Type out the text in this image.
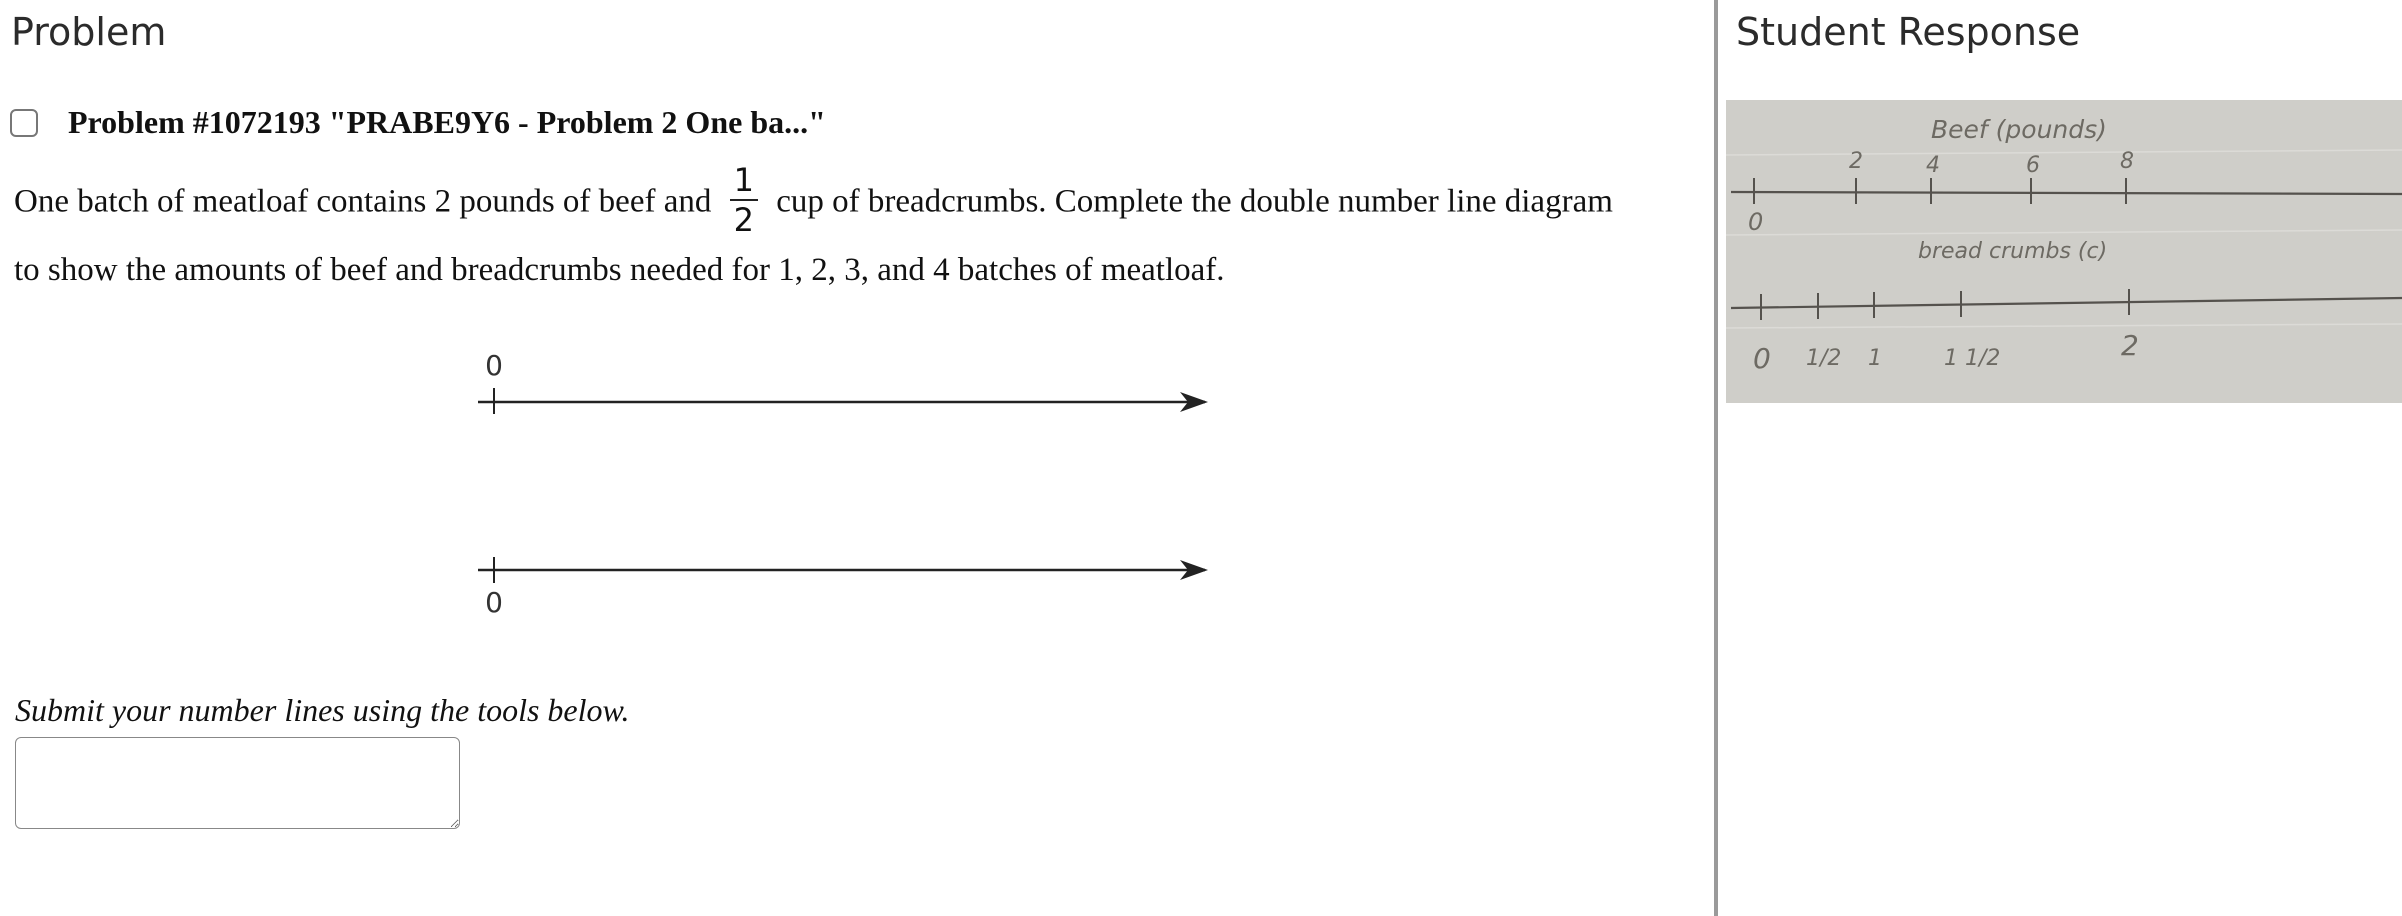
Problem
Problem #1072193 "PRABE9Y6 - Problem 2 One ba..."
One batch of meatloaf contains 2 pounds of beef and $\frac{1}{2}$ cup of breadcrumbs. Complete the double number line diagram to show the amounts of beef and breadcrumbs needed for 1, 2, 3, and 4 batches of meatloaf.
0
0
Submit your number lines using the tools below.
Student Response
Beef (pounds)
0
2	4	6	8
bread crumbs (c)
0 1/2 1	1 1/2	2
